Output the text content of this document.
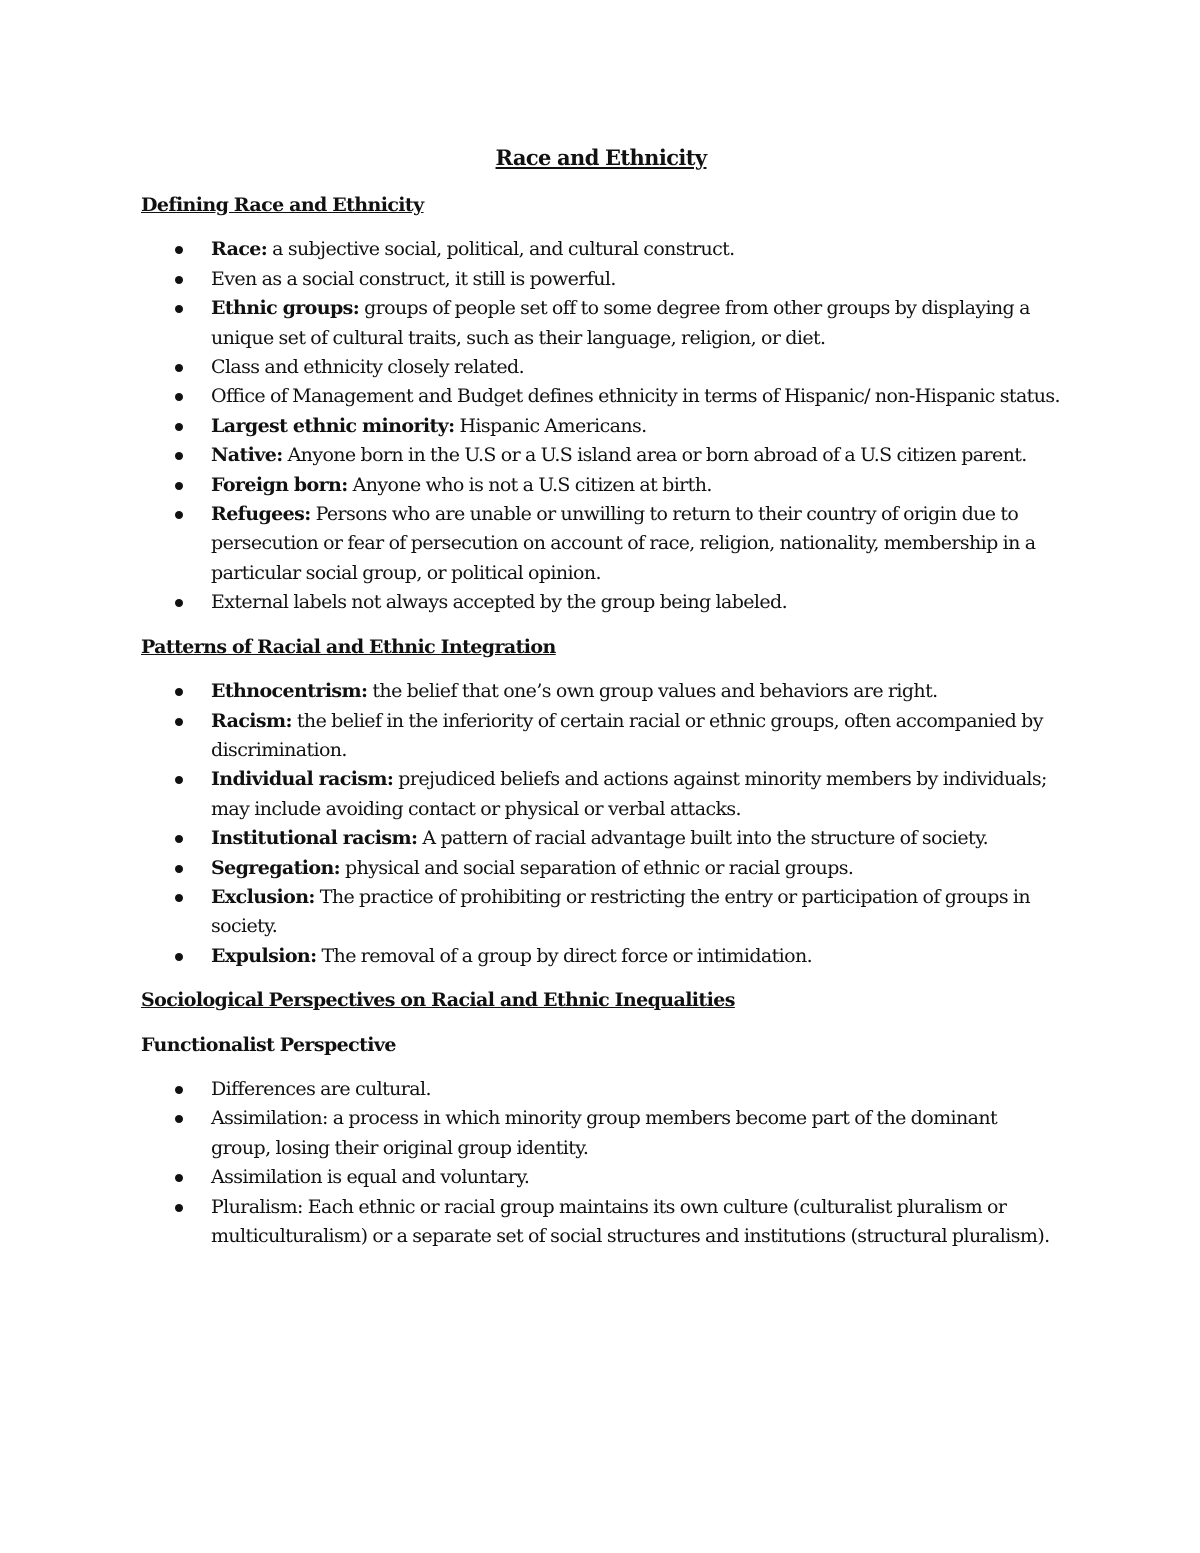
Race and Ethnicity
Defining Race and Ethnicity
Race: a subjective social, political, and cultural construct.
Even as a social construct, it still is powerful.
Ethnic groups: groups of people set off to some degree from other groups by displaying a unique set of cultural traits, such as their language, religion, or diet.
Class and ethnicity closely related.
Office of Management and Budget defines ethnicity in terms of Hispanic/ non-Hispanic status.
Largest ethnic minority: Hispanic Americans.
Native: Anyone born in the U.S or a U.S island area or born abroad of a U.S citizen parent.
Foreign born: Anyone who is not a U.S citizen at birth.
Refugees: Persons who are unable or unwilling to return to their country of origin due to persecution or fear of persecution on account of race, religion, nationality, membership in a particular social group, or political opinion.
External labels not always accepted by the group being labeled.
Patterns of Racial and Ethnic Integration
Ethnocentrism: the belief that one’s own group values and behaviors are right.
Racism: the belief in the inferiority of certain racial or ethnic groups, often accompanied by discrimination.
Individual racism: prejudiced beliefs and actions against minority members by individuals; may include avoiding contact or physical or verbal attacks.
Institutional racism: A pattern of racial advantage built into the structure of society.
Segregation: physical and social separation of ethnic or racial groups.
Exclusion: The practice of prohibiting or restricting the entry or participation of groups in society.
Expulsion: The removal of a group by direct force or intimidation.
Sociological Perspectives on Racial and Ethnic Inequalities
Functionalist Perspective
Differences are cultural.
Assimilation: a process in which minority group members become part of the dominant group, losing their original group identity.
Assimilation is equal and voluntary.
Pluralism: Each ethnic or racial group maintains its own culture (culturalist pluralism or multiculturalism) or a separate set of social structures and institutions (structural pluralism).
